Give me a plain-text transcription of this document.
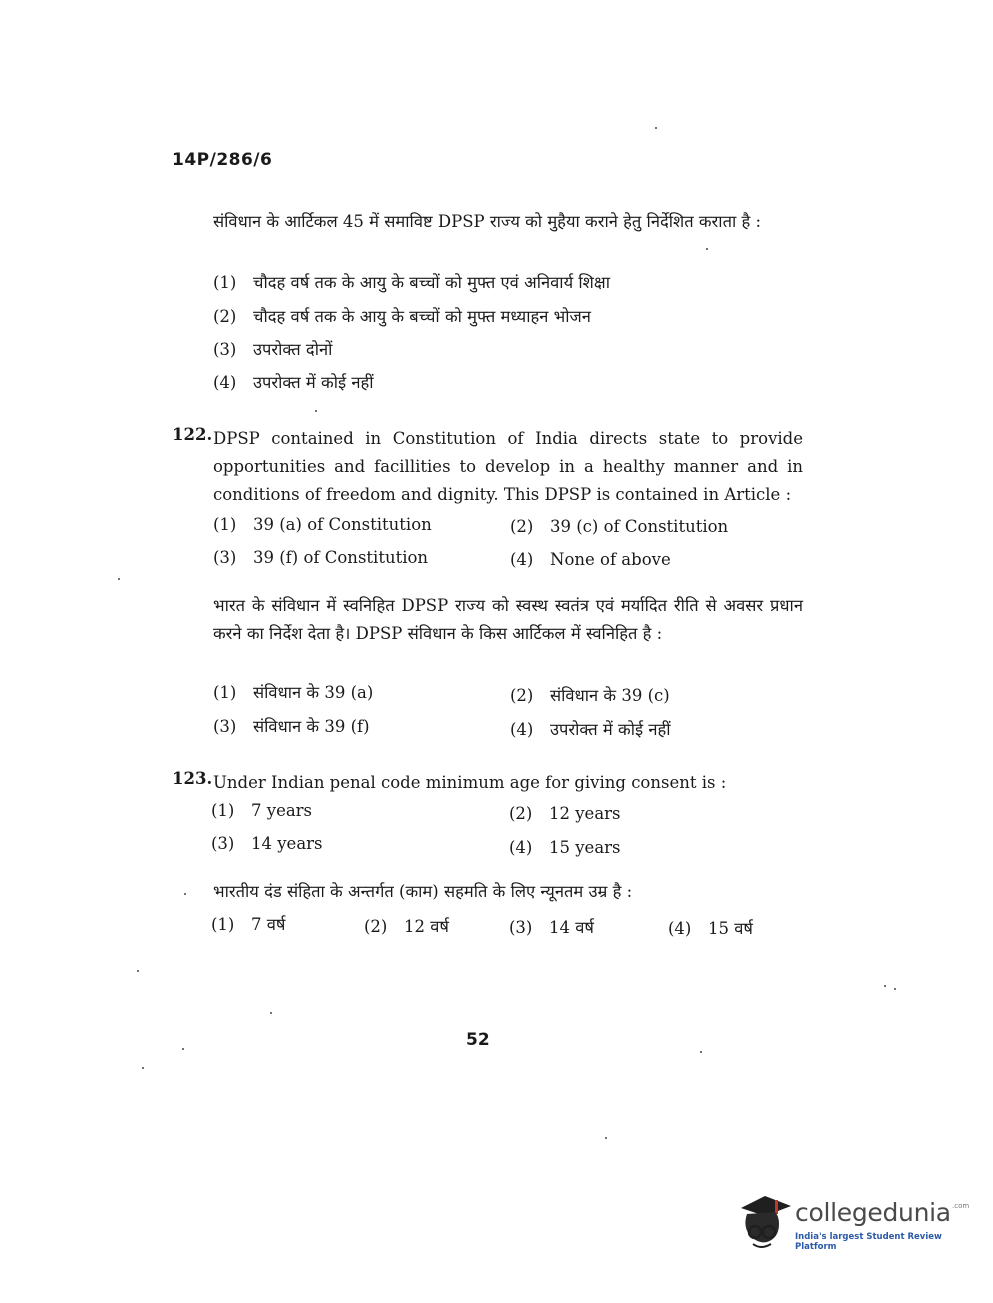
14P/286/6
संविधान के आर्टिकल 45 में समाविष्ट DPSP राज्य को मुहैया कराने हेतु निर्देशित कराता है :
(1) चौदह वर्ष तक के आयु के बच्चों को मुफ्त एवं अनिवार्य शिक्षा
(2) चौदह वर्ष तक के आयु के बच्चों को मुफ्त मध्याहन भोजन
(3) उपरोक्त दोनों
(4) उपरोक्त में कोई नहीं
122. DPSP contained in Constitution of India directs state to provide opportunities and facillities to develop in a healthy manner and in conditions of freedom and dignity. This DPSP is contained in Article :
(1) 39 (a) of Constitution	(2) 39 (c) of Constitution
(3) 39 (f) of Constitution	(4) None of above
भारत के संविधान में स्वनिहित DPSP राज्य को स्वस्थ स्वतंत्र एवं मर्यादित रीति से अवसर प्रधान करने का निर्देश देता है। DPSP संविधान के किस आर्टिकल में स्वनिहित है :
(1) संविधान के 39 (a)	(2) संविधान के 39 (c)
(3) संविधान के 39 (f)	(4) उपरोक्त में कोई नहीं
123. Under Indian penal code minimum age for giving consent is :
(1) 7 years	(2) 12 years
(3) 14 years	(4) 15 years
भारतीय दंड संहिता के अन्तर्गत (काम) सहमति के लिए न्यूनतम उम्र है :
(1) 7 वर्ष	(2) 12 वर्ष	(3) 14 वर्ष	(4) 15 वर्ष
52
collegedunia .com
India's largest Student Review Platform
